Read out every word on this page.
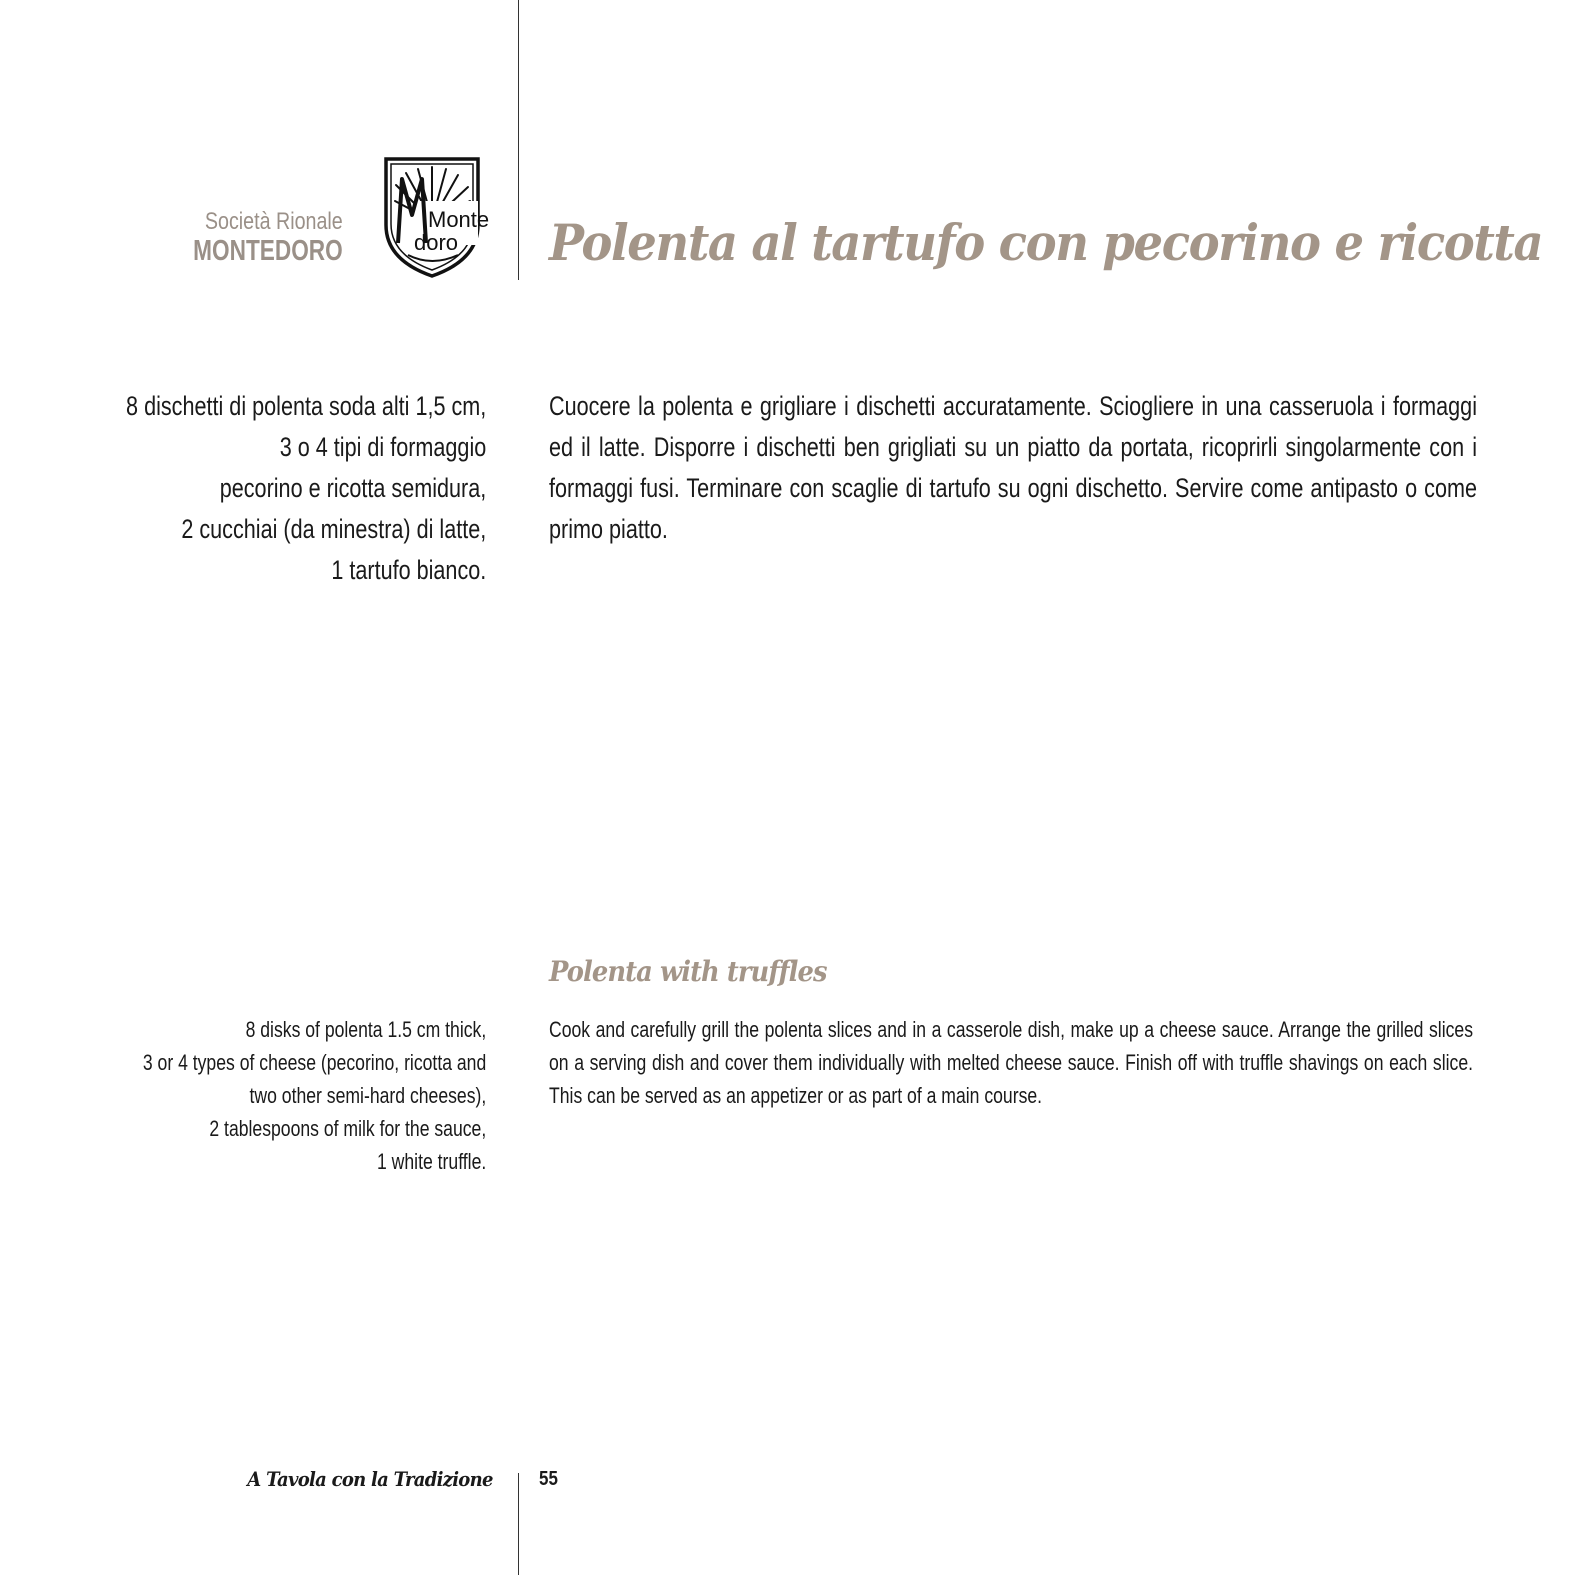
Società Rionale
MONTEDORO
Monte
doro Polenta al tartufo con pecorino e ricotta
8 dischetti di polenta soda alti 1,5 cm,
3 o 4 tipi di formaggio
pecorino e ricotta semidura,
2 cucchiai (da minestra) di latte,
1 tartufo bianco.
Cuocere la polenta e grigliare i dischetti accuratamente. Sciogliere in una casseruola i formaggi ed il latte. Disporre i dischetti ben grigliati su un piatto da portata, ricoprirli singolarmente con i formaggi fusi. Terminare con scaglie di tartufo su ogni dischetto. Servire come antipasto o come primo piatto.
Polenta with truffles
8 disks of polenta 1.5 cm thick,
3 or 4 types of cheese (pecorino, ricotta and
two other semi-hard cheeses),
2 tablespoons of milk for the sauce,
1 white truffle.
Cook and carefully grill the polenta slices and in a casserole dish, make up a cheese sauce. Arrange the grilled slices on a serving dish and cover them individually with melted cheese sauce. Finish off with truffle shavings on each slice. This can be served as an appetizer or as part of a main course.
A Tavola con la Tradizione 55
